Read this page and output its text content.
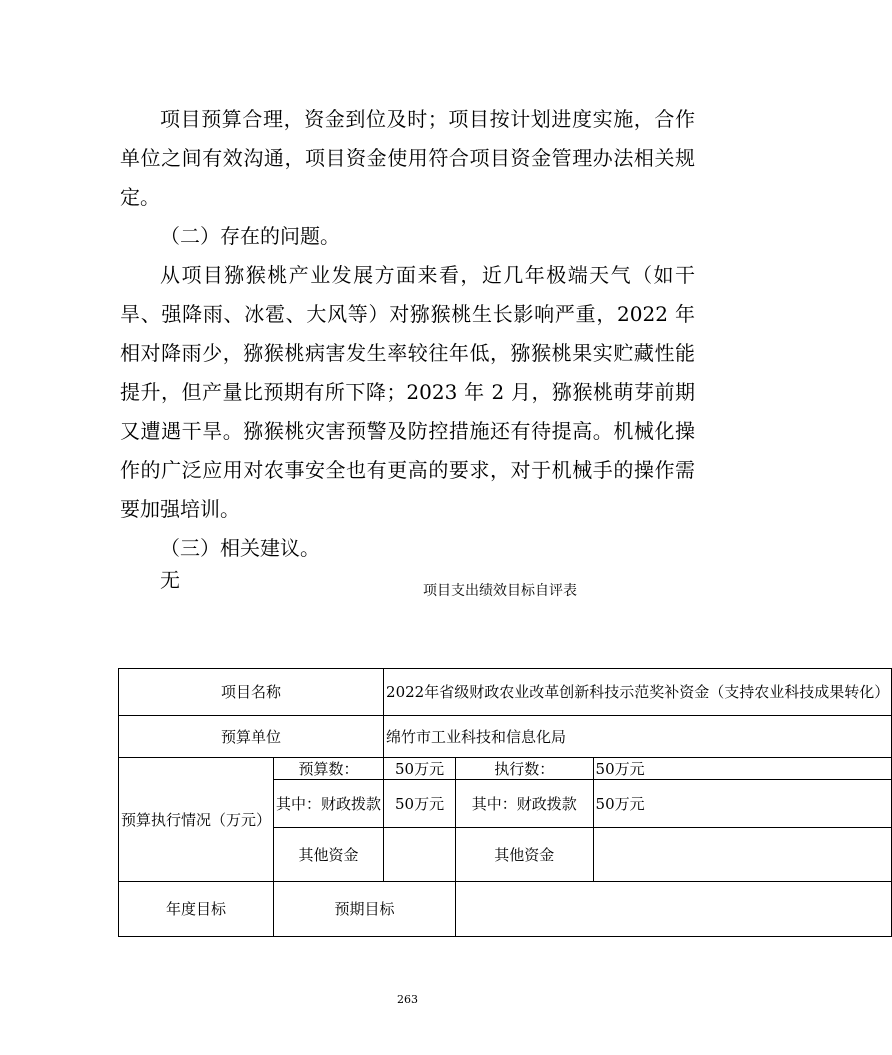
项目预算合理，资金到位及时；项目按计划进度实施，合作单位之间有效沟通，项目资金使用符合项目资金管理办法相关规定。

（二）存在的问题。

从项目猕猴桃产业发展方面来看，近几年极端天气（如干旱、强降雨、冰雹、大风等）对猕猴桃生长影响严重，2022 年相对降雨少，猕猴桃病害发生率较往年低，猕猴桃果实贮藏性能提升，但产量比预期有所下降；2023 年 2 月，猕猴桃萌芽前期又遭遇干旱。猕猴桃灾害预警及防控措施还有待提高。机械化操作的广泛应用对农事安全也有更高的要求，对于机械手的操作需要加强培训。

（三）相关建议。

无	项目支出绩效目标自评表
项目名称		2022年省级财政农业改革创新科技示范奖补资金（支持农业科技成果转化）		
预算单位		绵竹市工业科技和信息化局		
预算执行情况（万元）	预算数：	50万元	执行数：	50万元
	其中：财政拨款	50万元	其中：财政拨款	50万元
	其他资金		其他资金	
年度目标	预期目标			
263
